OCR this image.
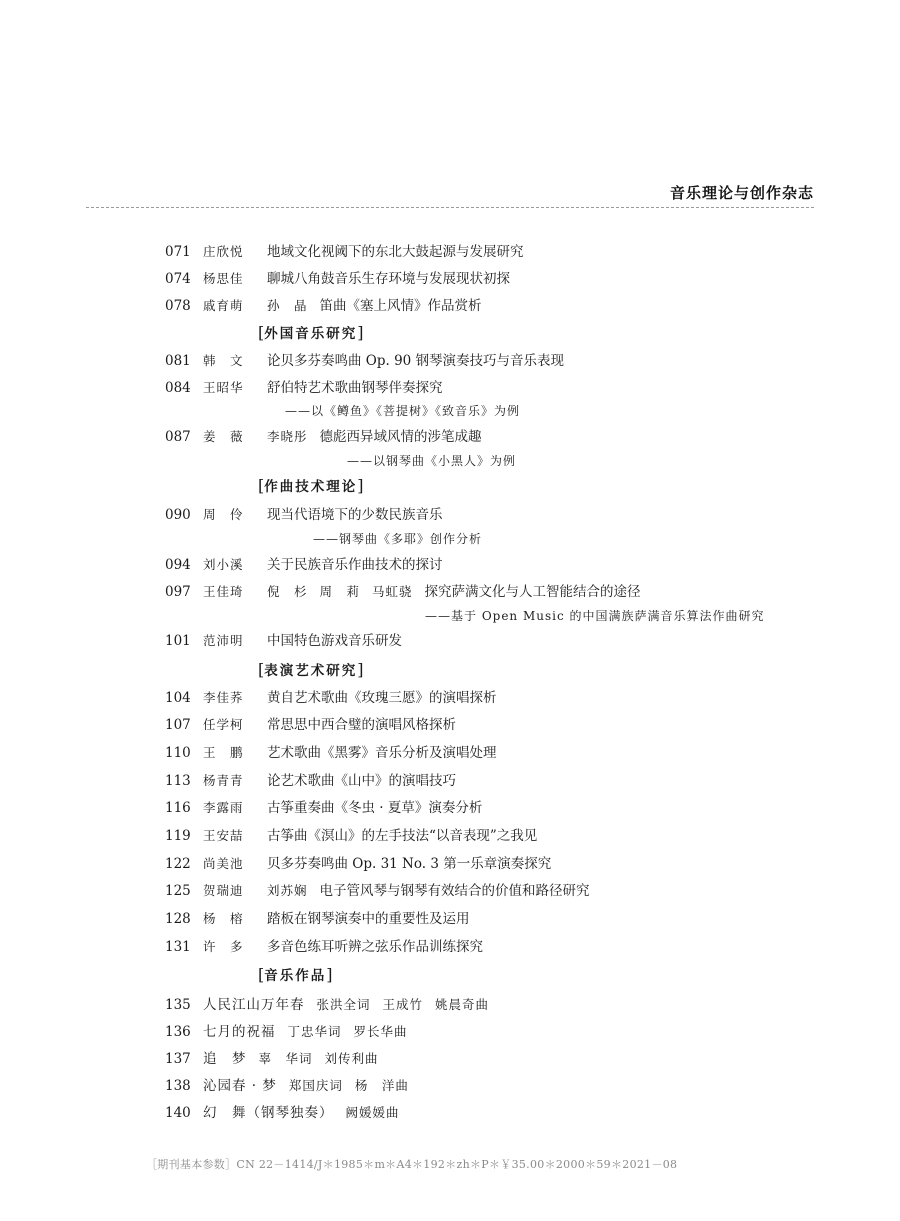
音乐理论与创作杂志
071 庄欣悦 地域文化视阈下的东北大鼓起源与发展研究
074 杨思佳 聊城八角鼓音乐生存环境与发展现状初探
078 戚育萌 孙　晶 笛曲《塞上风情》作品赏析
[外国音乐研究]
081 韩　文 论贝多芬奏鸣曲 Op. 90 钢琴演奏技巧与音乐表现
084 王昭华 舒伯特艺术歌曲钢琴伴奏探究
——以《鳟鱼》《菩提树》《致音乐》为例
087 姜　薇 李晓彤 德彪西异域风情的涉笔成趣
——以钢琴曲《小黑人》为例
[作曲技术理论]
090 周　伶 现当代语境下的少数民族音乐
——钢琴曲《多耶》创作分析
094 刘小溪 关于民族音乐作曲技术的探讨
097 王佳琦 倪　杉 周　莉 马虹骁 探究萨满文化与人工智能结合的途径
——基于 Open Music 的中国满族萨满音乐算法作曲研究
101 范沛明 中国特色游戏音乐研发
[表演艺术研究]
104 李佳荞 黄自艺术歌曲《玫瑰三愿》的演唱探析
107 任学柯 常思思中西合璧的演唱风格探析
110 王　鹏 艺术歌曲《黑雾》音乐分析及演唱处理
113 杨青青 论艺术歌曲《山中》的演唱技巧
116 李露雨 古筝重奏曲《冬虫 · 夏草》演奏分析
119 王安喆 古筝曲《溟山》的左手技法“以音表现”之我见
122 尚美池 贝多芬奏鸣曲 Op. 31 No. 3 第一乐章演奏探究
125 贺瑞迪 刘苏娴 电子管风琴与钢琴有效结合的价值和路径研究
128 杨　榕 踏板在钢琴演奏中的重要性及运用
131 许　多 多音色练耳听辨之弦乐作品训练探究
[音乐作品]
135 人民江山万年春 张洪全词 王成竹 姚晨奇曲
136 七月的祝福 丁忠华词 罗长华曲
137 追　梦 辜　华词 刘传利曲
138 沁园春 · 梦 郑国庆词 杨　洋曲
140 幻　舞（钢琴独奏） 阙媛媛曲
［期刊基本参数］CN 22－1414/J＊1985＊m＊A4＊192＊zh＊P＊￥35.00＊2000＊59＊2021－08
